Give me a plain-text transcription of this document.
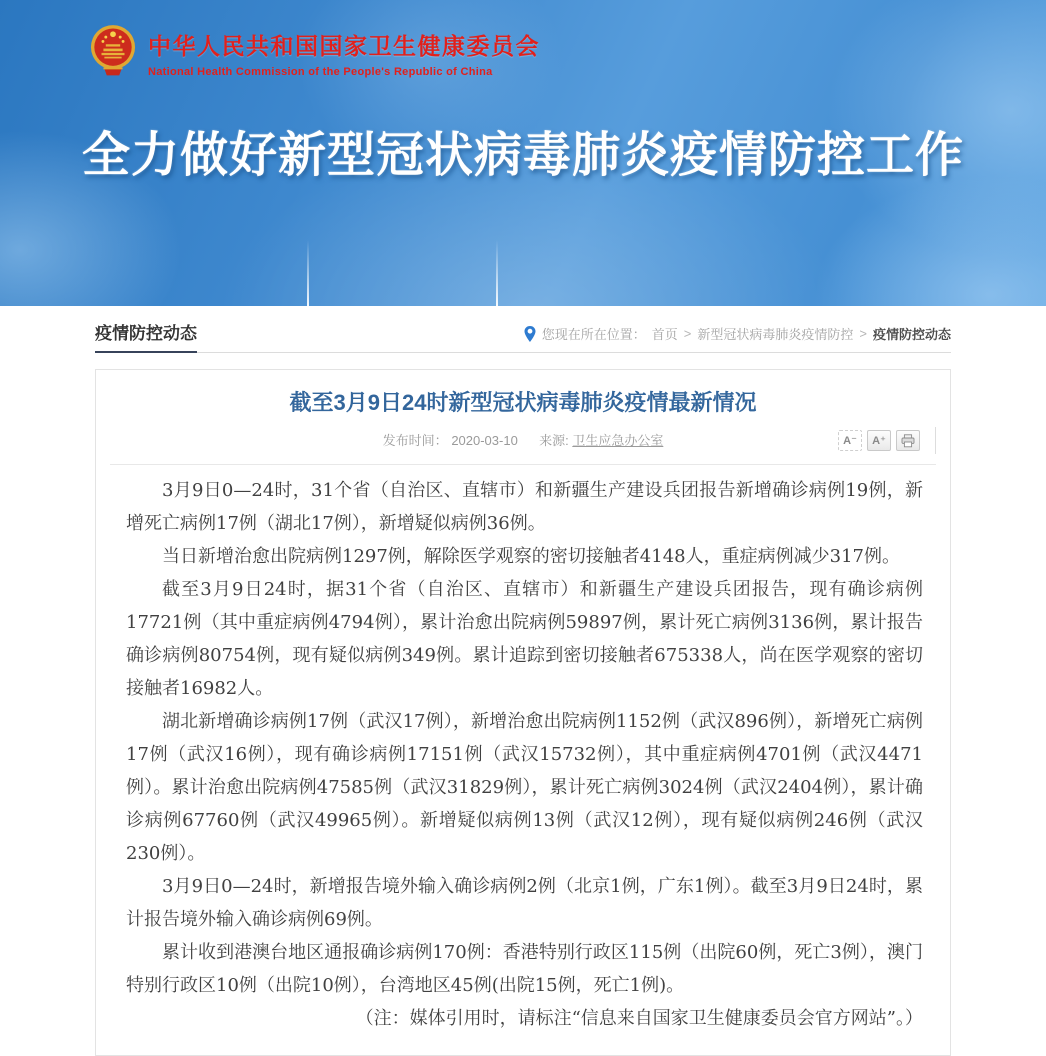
中华人民共和国国家卫生健康委员会
National Health Commission of the People's Republic of China
全力做好新型冠状病毒肺炎疫情防控工作
疫情防控动态	您现在所在位置： 首页 > 新型冠状病毒肺炎疫情防控 > 疫情防控动态
截至3月9日24时新型冠状病毒肺炎疫情最新情况
发布时间： 2020-03-10 来源: 卫生应急办公室	A⁻	A⁺

3月9日0—24时，31个省（自治区、直辖市）和新疆生产建设兵团报告新增确诊病例19例，新增死亡病例17例（湖北17例），新增疑似病例36例。

当日新增治愈出院病例1297例，解除医学观察的密切接触者4148人，重症病例减少317例。

截至3月9日24时，据31个省（自治区、直辖市）和新疆生产建设兵团报告，现有确诊病例17721例（其中重症病例4794例），累计治愈出院病例59897例，累计死亡病例3136例，累计报告确诊病例80754例，现有疑似病例349例。累计追踪到密切接触者675338人，尚在医学观察的密切接触者16982人。

湖北新增确诊病例17例（武汉17例），新增治愈出院病例1152例（武汉896例），新增死亡病例17例（武汉16例），现有确诊病例17151例（武汉15732例），其中重症病例4701例（武汉4471例）。累计治愈出院病例47585例（武汉31829例），累计死亡病例3024例（武汉2404例），累计确诊病例67760例（武汉49965例）。新增疑似病例13例（武汉12例），现有疑似病例246例（武汉230例）。

3月9日0—24时，新增报告境外输入确诊病例2例（北京1例，广东1例）。截至3月9日24时，累计报告境外输入确诊病例69例。

累计收到港澳台地区通报确诊病例170例：香港特别行政区115例（出院60例，死亡3例），澳门特别行政区10例（出院10例），台湾地区45例(出院15例，死亡1例)。

（注：媒体引用时，请标注“信息来自国家卫生健康委员会官方网站”。）
